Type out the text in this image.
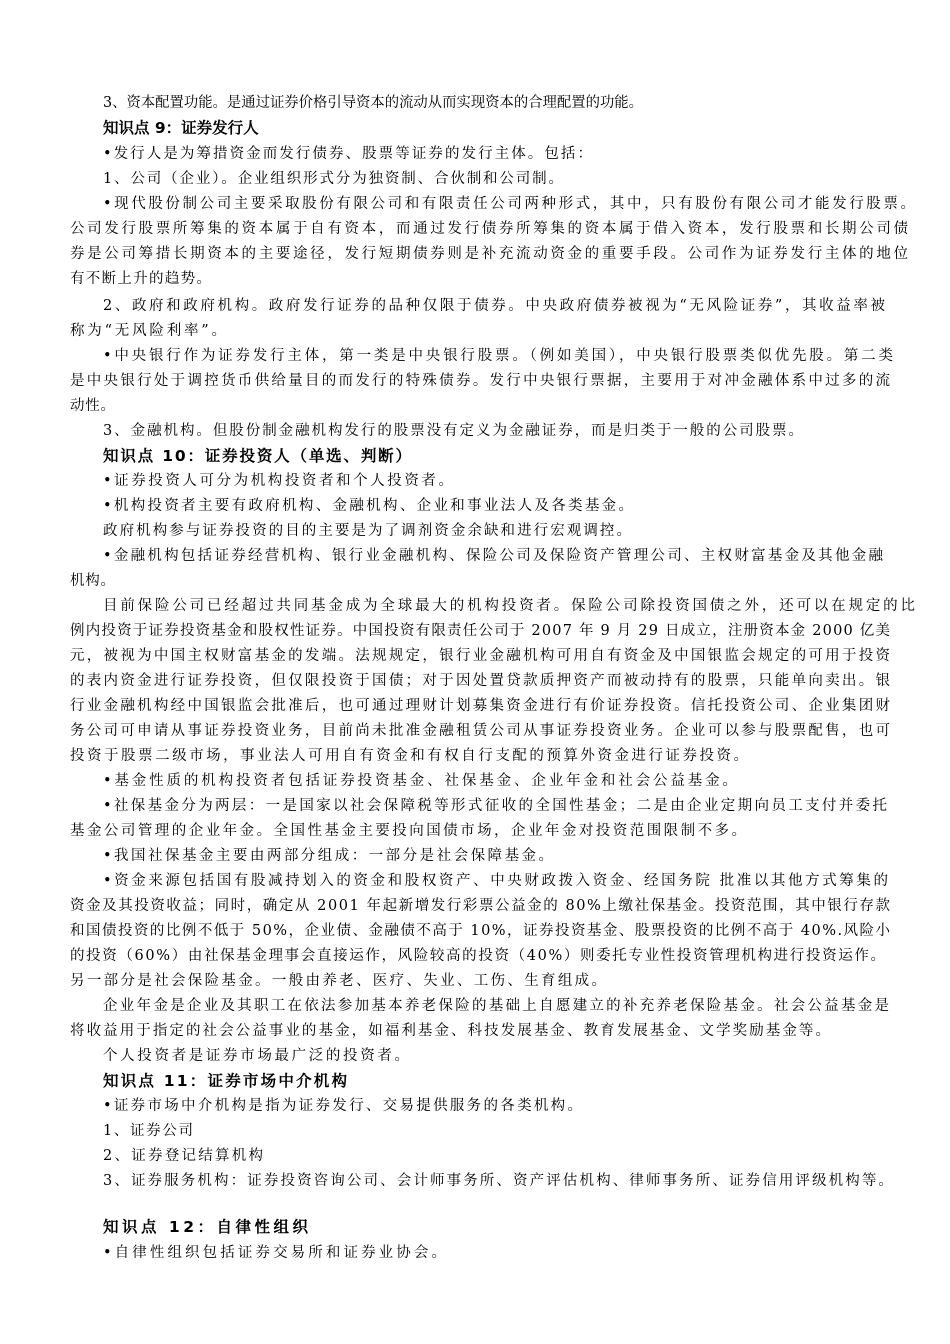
3、资本配置功能。是通过证券价格引导资本的流动从而实现资本的合理配置的功能。
知识点 9：证券发行人
•发行人是为筹措资金而发行债券、股票等证券的发行主体。包括：
1、公司（企业）。企业组织形式分为独资制、合伙制和公司制。
•现代股份制公司主要采取股份有限公司和有限责任公司两种形式，其中，只有股份有限公司才能发行股票。
公司发行股票所筹集的资本属于自有资本，而通过发行债券所筹集的资本属于借入资本，发行股票和长期公司债
券是公司筹措长期资本的主要途径，发行短期债券则是补充流动资金的重要手段。公司作为证券发行主体的地位
有不断上升的趋势。
2、政府和政府机构。政府发行证券的品种仅限于债券。中央政府债券被视为“无风险证券”，其收益率被
称为“无风险利率”。
•中央银行作为证券发行主体，第一类是中央银行股票。（例如美国），中央银行股票类似优先股。第二类
是中央银行处于调控货币供给量目的而发行的特殊债券。发行中央银行票据，主要用于对冲金融体系中过多的流
动性。
3、金融机构。但股份制金融机构发行的股票没有定义为金融证券，而是归类于一般的公司股票。
知识点 10：证券投资人（单选、判断）
•证券投资人可分为机构投资者和个人投资者。
•机构投资者主要有政府机构、金融机构、企业和事业法人及各类基金。
政府机构参与证券投资的目的主要是为了调剂资金余缺和进行宏观调控。
•金融机构包括证券经营机构、银行业金融机构、保险公司及保险资产管理公司、主权财富基金及其他金融
机构。
目前保险公司已经超过共同基金成为全球最大的机构投资者。保险公司除投资国债之外，还可以在规定的比
例内投资于证券投资基金和股权性证券。中国投资有限责任公司于 2007 年 9 月 29 日成立，注册资本金 2000 亿美
元，被视为中国主权财富基金的发端。法规规定，银行业金融机构可用自有资金及中国银监会规定的可用于投资
的表内资金进行证券投资，但仅限投资于国债；对于因处置贷款质押资产而被动持有的股票，只能单向卖出。银
行业金融机构经中国银监会批准后，也可通过理财计划募集资金进行有价证券投资。信托投资公司、企业集团财
务公司可申请从事证券投资业务，目前尚未批准金融租赁公司从事证券投资业务。企业可以参与股票配售，也可
投资于股票二级市场，事业法人可用自有资金和有权自行支配的预算外资金进行证券投资。
•基金性质的机构投资者包括证券投资基金、社保基金、企业年金和社会公益基金。
•社保基金分为两层：一是国家以社会保障税等形式征收的全国性基金；二是由企业定期向员工支付并委托
基金公司管理的企业年金。全国性基金主要投向国债市场，企业年金对投资范围限制不多。
•我国社保基金主要由两部分组成：一部分是社会保障基金。
•资金来源包括国有股减持划入的资金和股权资产、中央财政拨入资金、经国务院 批准以其他方式筹集的
资金及其投资收益；同时，确定从 2001 年起新增发行彩票公益金的 80%上缴社保基金。投资范围，其中银行存款
和国债投资的比例不低于 50%，企业债、金融债不高于 10%，证券投资基金、股票投资的比例不高于 40%.风险小
的投资（60%）由社保基金理事会直接运作，风险较高的投资（40%）则委托专业性投资管理机构进行投资运作。
另一部分是社会保险基金。一般由养老、医疗、失业、工伤、生育组成。
企业年金是企业及其职工在依法参加基本养老保险的基础上自愿建立的补充养老保险基金。社会公益基金是
将收益用于指定的社会公益事业的基金，如福利基金、科技发展基金、教育发展基金、文学奖励基金等。
个人投资者是证券市场最广泛的投资者。
知识点 11：证券市场中介机构
•证券市场中介机构是指为证券发行、交易提供服务的各类机构。
1、证券公司
2、证券登记结算机构
3、证券服务机构：证券投资咨询公司、会计师事务所、资产评估机构、律师事务所、证券信用评级机构等。
知识点 12：自律性组织
•自律性组织包括证券交易所和证券业协会。
